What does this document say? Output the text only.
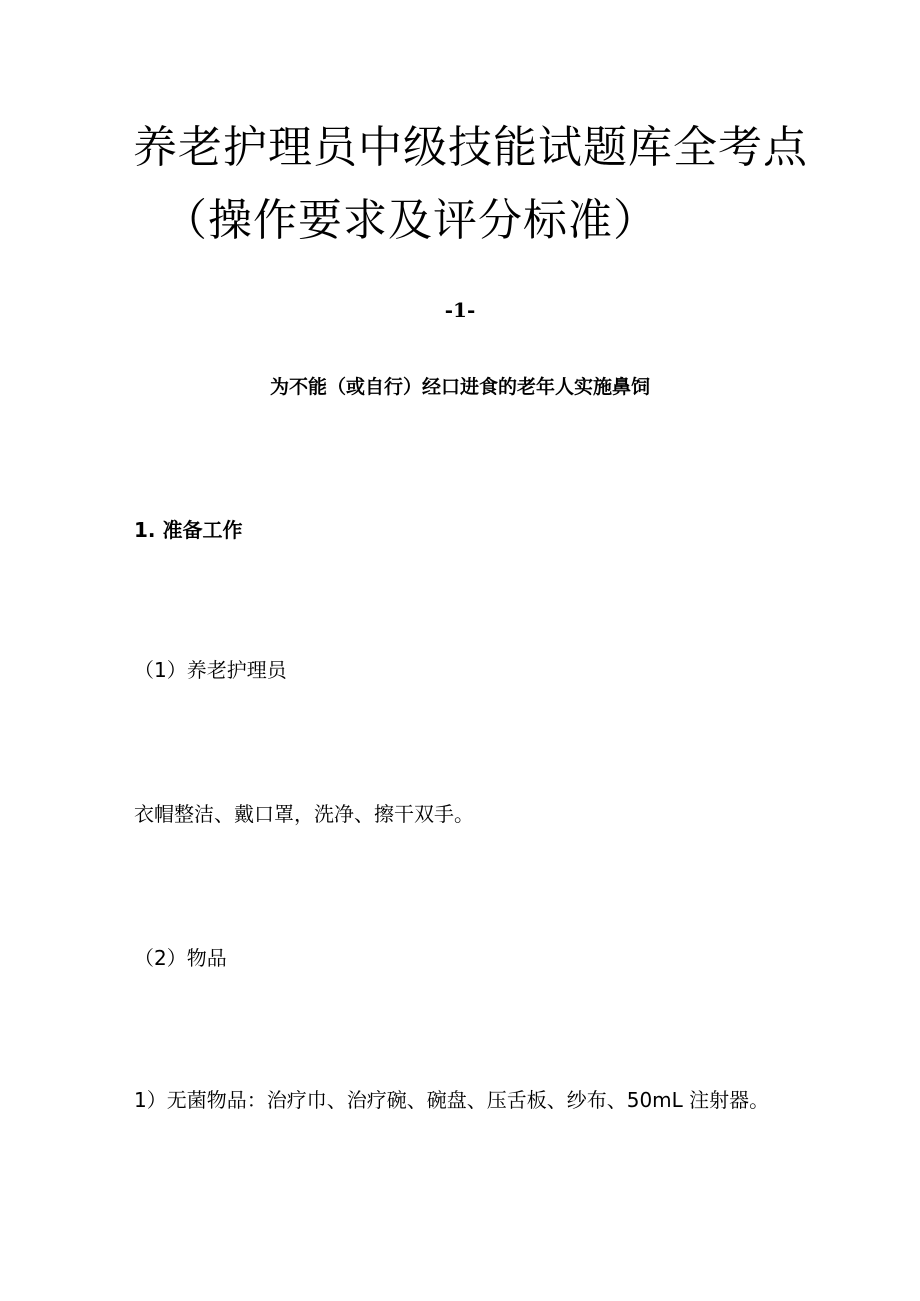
养老护理员中级技能试题库全考点
（操作要求及评分标准）
-1-
为不能（或自行）经口进食的老年人实施鼻饲
1. 准备工作
（1）养老护理员
衣帽整洁、戴口罩，洗净、擦干双手。
（2）物品
1）无菌物品：治疗巾、治疗碗、碗盘、压舌板、纱布、50mL 注射器。
